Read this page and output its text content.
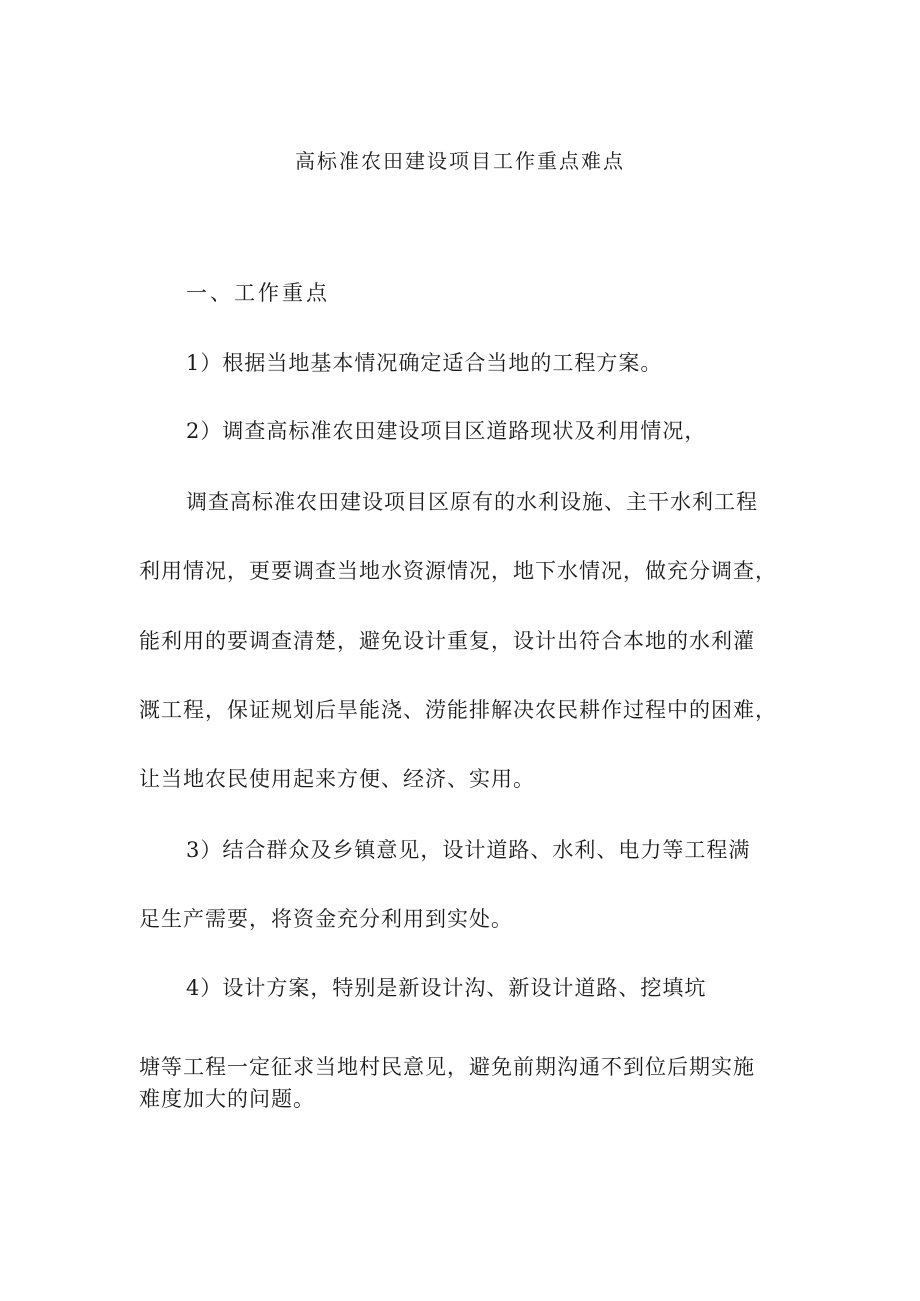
高标准农田建设项目工作重点难点
一、工作重点
1）根据当地基本情况确定适合当地的工程方案。
2）调查高标准农田建设项目区道路现状及利用情况，
调查高标准农田建设项目区原有的水利设施、主干水利工程
利用情况，更要调查当地水资源情况，地下水情况，做充分调查，
能利用的要调查清楚，避免设计重复，设计出符合本地的水利灌
溉工程，保证规划后旱能浇、涝能排解决农民耕作过程中的困难，
让当地农民使用起来方便、经济、实用。
3）结合群众及乡镇意见，设计道路、水利、电力等工程满
足生产需要，将资金充分利用到实处。
4）设计方案，特别是新设计沟、新设计道路、挖填坑
塘等工程一定征求当地村民意见，避免前期沟通不到位后期实施
难度加大的问题。
